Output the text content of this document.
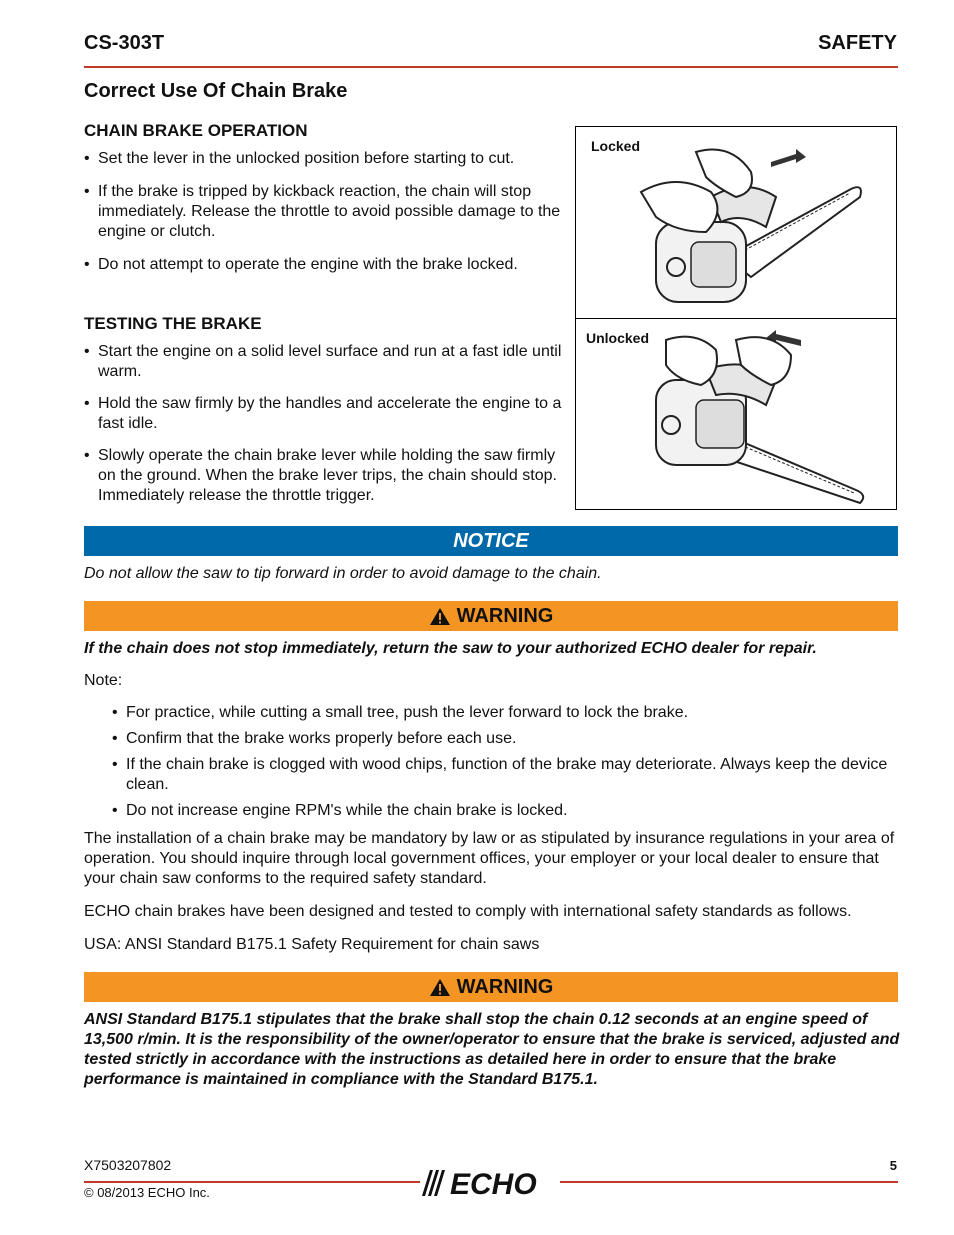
CS-303T	SAFETY
Correct Use Of Chain Brake
CHAIN BRAKE OPERATION
• Set the lever in the unlocked position before starting to cut.
• If the brake is tripped by kickback reaction, the chain will stop immediately. Release the throttle to avoid possible damage to the engine or clutch.
• Do not attempt to operate the engine with the brake locked.
TESTING THE BRAKE
• Start the engine on a solid level surface and run at a fast idle until warm.
• Hold the saw firmly by the handles and accelerate the engine to a fast idle.
• Slowly operate the chain brake lever while holding the saw firmly on the ground. When the brake lever trips, the chain should stop. Immediately release the throttle trigger.
Locked
Unlocked
NOTICE
Do not allow the saw to tip forward in order to avoid damage to the chain.
WARNING
If the chain does not stop immediately, return the saw to your authorized ECHO dealer for repair.
Note:
• For practice, while cutting a small tree, push the lever forward to lock the brake.
• Confirm that the brake works properly before each use.
• If the chain brake is clogged with wood chips, function of the brake may deteriorate. Always keep the device clean.
• Do not increase engine RPM's while the chain brake is locked.
The installation of a chain brake may be mandatory by law or as stipulated by insurance regulations in your area of operation. You should inquire through local government offices, your employer or your local dealer to ensure that your chain saw conforms to the required safety standard.
ECHO chain brakes have been designed and tested to comply with international safety standards as follows.
USA: ANSI Standard B175.1 Safety Requirement for chain saws
WARNING
ANSI Standard B175.1 stipulates that the brake shall stop the chain 0.12 seconds at an engine speed of 13,500 r/min. It is the responsibility of the owner/operator to ensure that the brake is serviced, adjusted and tested strictly in accordance with the instructions as detailed here in order to ensure that the brake performance is maintained in compliance with the Standard B175.1.
X7503207802	5
ECHO
© 08/2013 ECHO Inc.
